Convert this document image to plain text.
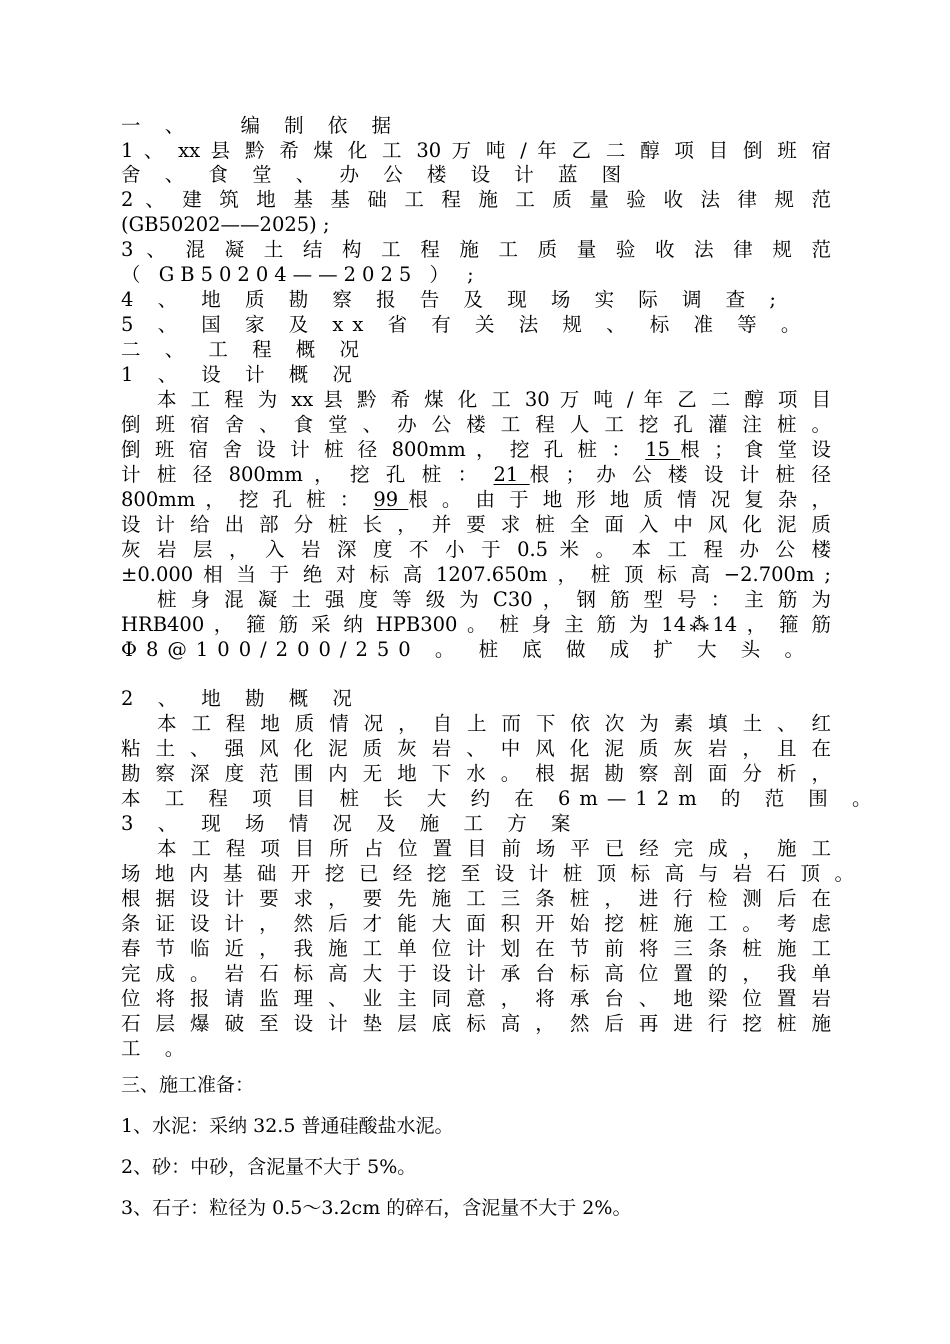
一 、　　编 制 依 据
1 、 xx 县 黔 希 煤 化 工 30 万 吨 / 年 乙 二 醇 项 目 倒 班 宿
舍 、 食 堂 、 办 公 楼 设 计 蓝 图
2 、 建 筑 地 基 基 础 工 程 施 工 质 量 验 收 法 律 规 范
(GB50202——2025) ;
3 、 混 凝 土 结 构 工 程 施 工 质 量 验 收 法 律 规 范
（ GB50204——2025 ） ;
4 、 地 质 勘 察 报 告 及 现 场 实 际 调 查 ;
5 、 国 家 及 xx 省 有 关 法 规 、 标 准 等 。
二 、 工 程 概 况
1 、 设 计 概 况
本 工 程 为 xx 县 黔 希 煤 化 工 30 万 吨 / 年 乙 二 醇 项 目
倒 班 宿 舍 、 食 堂 、 办 公 楼 工 程 人 工 挖 孔 灌 注 桩 。
倒 班 宿 舍 设 计 桩 径 800mm ， 挖 孔 桩 ： 15 根 ； 食 堂 设
计 桩 径 800mm ， 挖 孔 桩 ： 21 根 ； 办 公 楼 设 计 桩 径
800mm ， 挖 孔 桩 ： 99 根 。 由 于 地 形 地 质 情 况 复 杂 ，
设 计 给 出 部 分 桩 长 ， 并 要 求 桩 全 面 入 中 风 化 泥 质
灰 岩 层 ， 入 岩 深 度 不 小 于 0.5 米 。 本 工 程 办 公 楼
±0.000 相 当 于 绝 对 标 高 1207.650m ， 桩 顶 标 高 −2.700m ;
桩 身 混 凝 土 强 度 等 级 为 C30 ， 钢 筋 型 号 ： 主 筋 为
HRB400 ， 箍 筋 采 纳 HPB300 。 桩 身 主 筋 为 14⁂14 ， 箍 筋
Φ8@100/200/250 。 桩 底 做 成 扩 大 头 。
2 、 地 勘 概 况
本 工 程 地 质 情 况 ， 自 上 而 下 依 次 为 素 填 土 、 红
粘 土 、 强 风 化 泥 质 灰 岩 、 中 风 化 泥 质 灰 岩 ， 且 在
勘 察 深 度 范 围 内 无 地 下 水 。 根 据 勘 察 剖 面 分 析 ，
本 工 程 项 目 桩 长 大 约 在 6m—12m 的 范 围 。
3 、 现 场 情 况 及 施 工 方 案
本 工 程 项 目 所 占 位 置 目 前 场 平 已 经 完 成 ， 施 工
场 地 内 基 础 开 挖 已 经 挖 至 设 计 桩 顶 标 高 与 岩 石 顶 。
根 据 设 计 要 求 ， 要 先 施 工 三 条 桩 ， 进 行 检 测 后 在
条 证 设 计 ， 然 后 才 能 大 面 积 开 始 挖 桩 施 工 。 考 虑
春 节 临 近 ， 我 施 工 单 位 计 划 在 节 前 将 三 条 桩 施 工
完 成 。 岩 石 标 高 大 于 设 计 承 台 标 高 位 置 的 ， 我 单
位 将 报 请 监 理 、 业 主 同 意 ， 将 承 台 、 地 梁 位 置 岩
石 层 爆 破 至 设 计 垫 层 底 标 高 ， 然 后 再 进 行 挖 桩 施
工 。
三、施工准备：
1、水泥：采纳 32.5 普通硅酸盐水泥。
2、砂：中砂，含泥量不大于 5%。
3、石子：粒径为 0.5～3.2cm 的碎石，含泥量不大于 2%。
